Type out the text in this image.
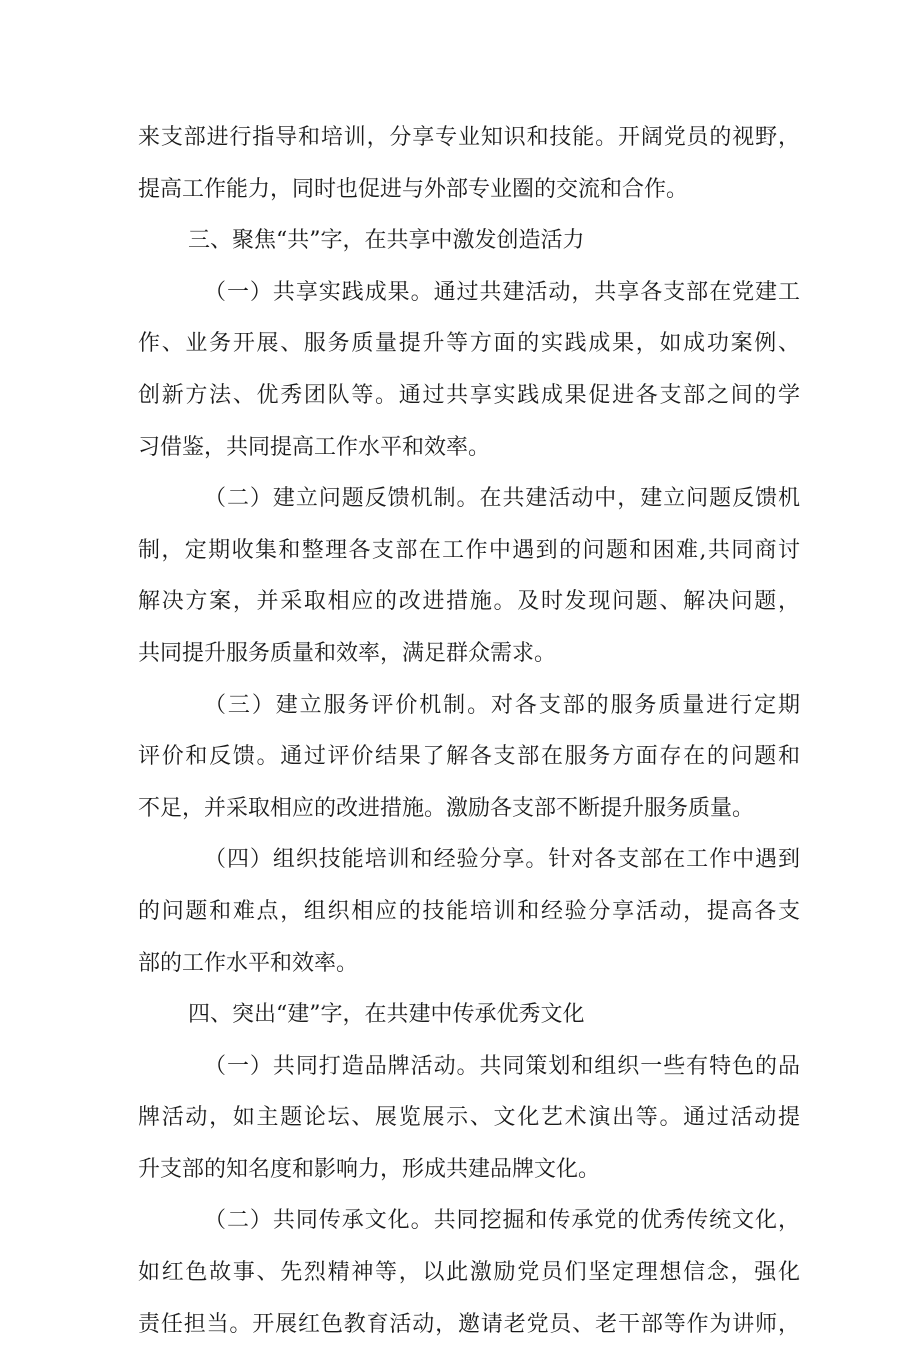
来支部进行指导和培训，分享专业知识和技能。开阔党员的视野，
提高工作能力，同时也促进与外部专业圈的交流和合作。
三、聚焦“共”字，在共享中激发创造活力
（一）共享实践成果。通过共建活动，共享各支部在党建工
作、业务开展、服务质量提升等方面的实践成果，如成功案例、
创新方法、优秀团队等。通过共享实践成果促进各支部之间的学
习借鉴，共同提高工作水平和效率。
（二）建立问题反馈机制。在共建活动中，建立问题反馈机
制，定期收集和整理各支部在工作中遇到的问题和困难,共同商讨
解决方案，并采取相应的改进措施。及时发现问题、解决问题，
共同提升服务质量和效率，满足群众需求。
（三）建立服务评价机制。对各支部的服务质量进行定期
评价和反馈。通过评价结果了解各支部在服务方面存在的问题和
不足，并采取相应的改进措施。激励各支部不断提升服务质量。
（四）组织技能培训和经验分享。针对各支部在工作中遇到
的问题和难点，组织相应的技能培训和经验分享活动，提高各支
部的工作水平和效率。
四、突出“建”字，在共建中传承优秀文化
（一）共同打造品牌活动。共同策划和组织一些有特色的品
牌活动，如主题论坛、展览展示、文化艺术演出等。通过活动提
升支部的知名度和影响力，形成共建品牌文化。
（二）共同传承文化。共同挖掘和传承党的优秀传统文化，
如红色故事、先烈精神等，以此激励党员们坚定理想信念，强化
责任担当。开展红色教育活动，邀请老党员、老干部等作为讲师，
